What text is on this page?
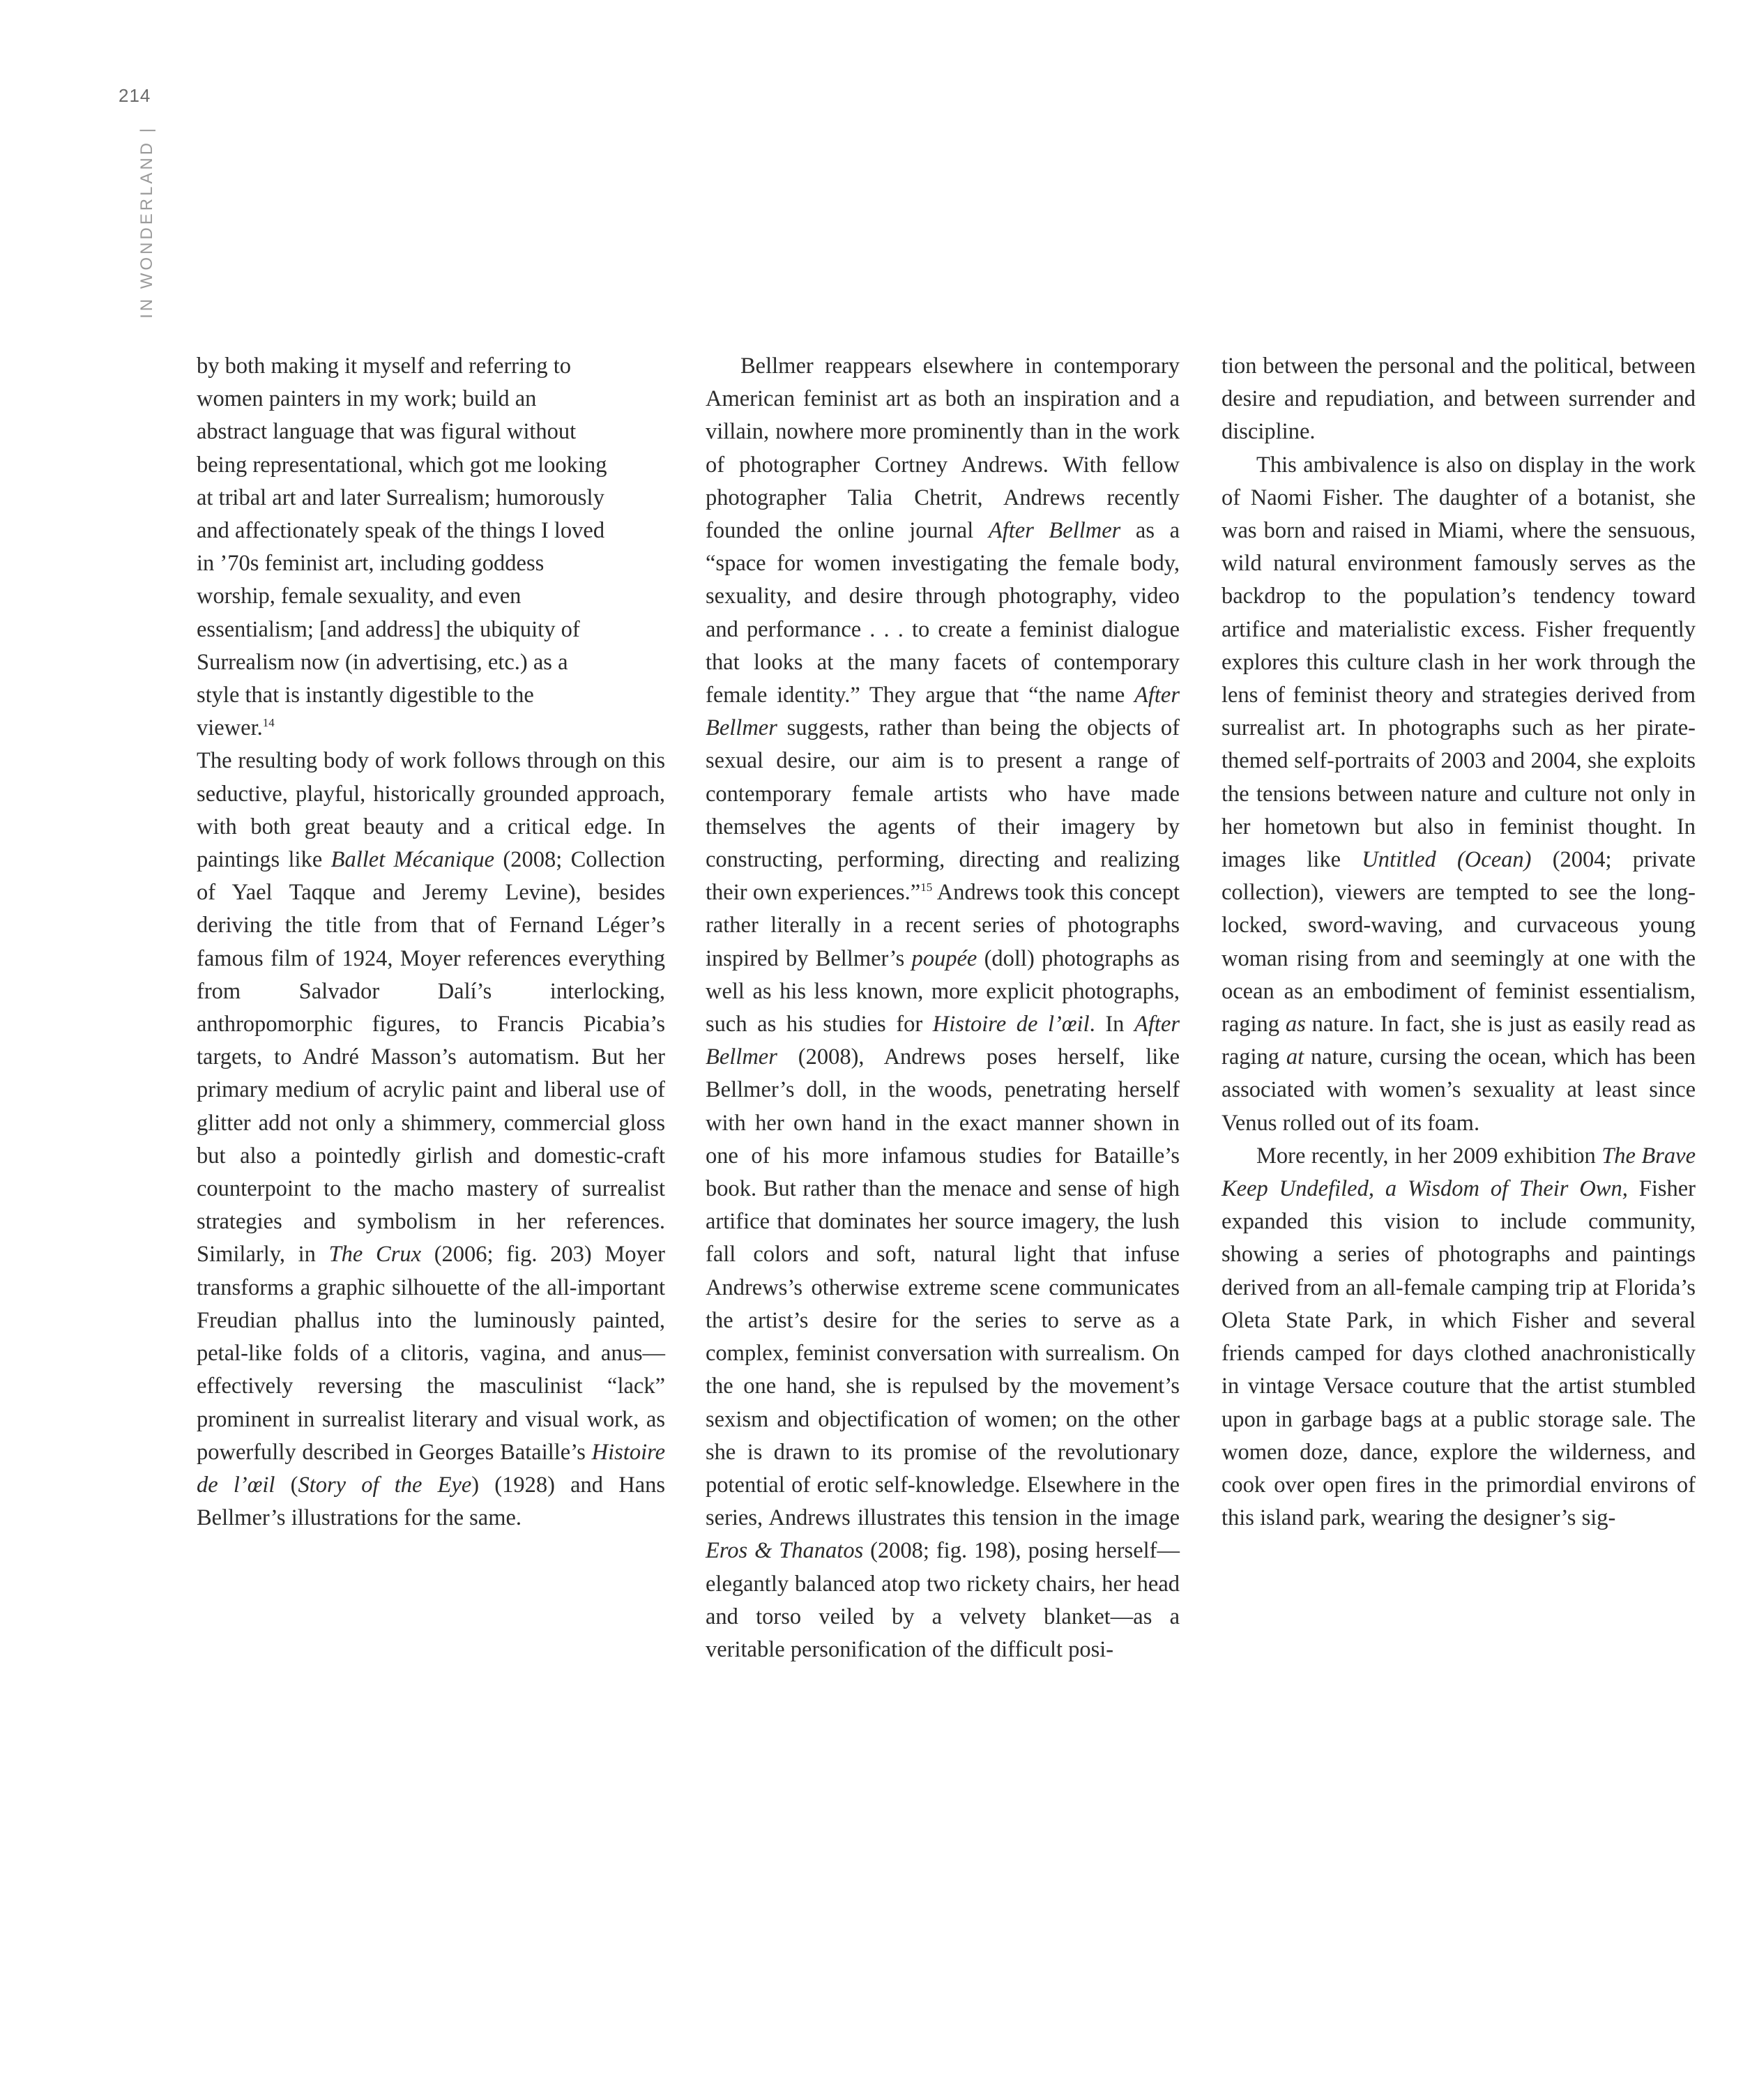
214
IN WONDERLAND |

by both making it myself and referring to women painters in my work; build an abstract language that was figural without being representational, which got me looking at tribal art and later Surrealism; humorously and affectionately speak of the things I loved in ’70s feminist art, including goddess worship, female sexuality, and even essentialism; [and address] the ubiquity of Surrealism now (in advertising, etc.) as a style that is instantly digestible to the viewer.$^{14}$

The resulting body of work follows through on this seductive, playful, historically grounded approach, with both great beauty and a critical edge. In paintings like Ballet Mécanique (2008; Collection of Yael Taqque and Jeremy Levine), besides deriving the title from that of Fernand Léger’s famous film of 1924, Moyer references everything from Salvador Dalí’s interlocking, anthropomorphic figures, to Francis Picabia’s targets, to André Masson’s automatism. But her primary medium of acrylic paint and liberal use of glitter add not only a shimmery, commercial gloss but also a pointedly girlish and domestic-craft counterpoint to the macho mastery of surrealist strategies and symbolism in her references. Similarly, in The Crux (2006; fig. 203) Moyer transforms a graphic silhouette of the all-important Freudian phallus into the luminously painted, petal-like folds of a clitoris, vagina, and anus—effectively reversing the masculinist “lack” prominent in surrealist literary and visual work, as powerfully described in Georges Bataille’s Histoire de l’œil (Story of the Eye) (1928) and Hans Bellmer’s illustrations for the same.

Bellmer reappears elsewhere in contemporary American feminist art as both an inspiration and a villain, nowhere more prominently than in the work of photographer Cortney Andrews. With fellow photographer Talia Chetrit, Andrews recently founded the online journal After Bellmer as a “space for women investigating the female body, sexuality, and desire through photography, video and performance . . . to create a feminist dialogue that looks at the many facets of contemporary female identity.” They argue that “the name After Bellmer suggests, rather than being the objects of sexual desire, our aim is to present a range of contemporary female artists who have made themselves the agents of their imagery by constructing, performing, directing and realizing their own experiences.”$^{15}$ Andrews took this concept rather literally in a recent series of photographs inspired by Bellmer’s poupée (doll) photographs as well as his less known, more explicit photographs, such as his studies for Histoire de l’œil. In After Bellmer (2008), Andrews poses herself, like Bellmer’s doll, in the woods, penetrating herself with her own hand in the exact manner shown in one of his more infamous studies for Bataille’s book. But rather than the menace and sense of high artifice that dominates her source imagery, the lush fall colors and soft, natural light that infuse Andrews’s otherwise extreme scene communicates the artist’s desire for the series to serve as a complex, feminist conversation with surrealism. On the one hand, she is repulsed by the movement’s sexism and objectification of women; on the other she is drawn to its promise of the revolutionary potential of erotic self-knowledge. Elsewhere in the series, Andrews illustrates this tension in the image Eros & Thanatos (2008; fig. 198), posing herself—elegantly balanced atop two rickety chairs, her head and torso veiled by a velvety blanket—as a veritable personification of the difficult posi-

tion between the personal and the political, between desire and repudiation, and between surrender and discipline.

This ambivalence is also on display in the work of Naomi Fisher. The daughter of a botanist, she was born and raised in Miami, where the sensuous, wild natural environment famously serves as the backdrop to the population’s tendency toward artifice and materialistic excess. Fisher frequently explores this culture clash in her work through the lens of feminist theory and strategies derived from surrealist art. In photographs such as her pirate-themed self-portraits of 2003 and 2004, she exploits the tensions between nature and culture not only in her hometown but also in feminist thought. In images like Untitled (Ocean) (2004; private collection), viewers are tempted to see the long-locked, sword-waving, and curvaceous young woman rising from and seemingly at one with the ocean as an embodiment of feminist essentialism, raging as nature. In fact, she is just as easily read as raging at nature, cursing the ocean, which has been associated with women’s sexuality at least since Venus rolled out of its foam.

More recently, in her 2009 exhibition The Brave Keep Undefiled, a Wisdom of Their Own, Fisher expanded this vision to include community, showing a series of photographs and paintings derived from an all-female camping trip at Florida’s Oleta State Park, in which Fisher and several friends camped for days clothed anachronistically in vintage Versace couture that the artist stumbled upon in garbage bags at a public storage sale. The women doze, dance, explore the wilderness, and cook over open fires in the primordial environs of this island park, wearing the designer’s sig-
